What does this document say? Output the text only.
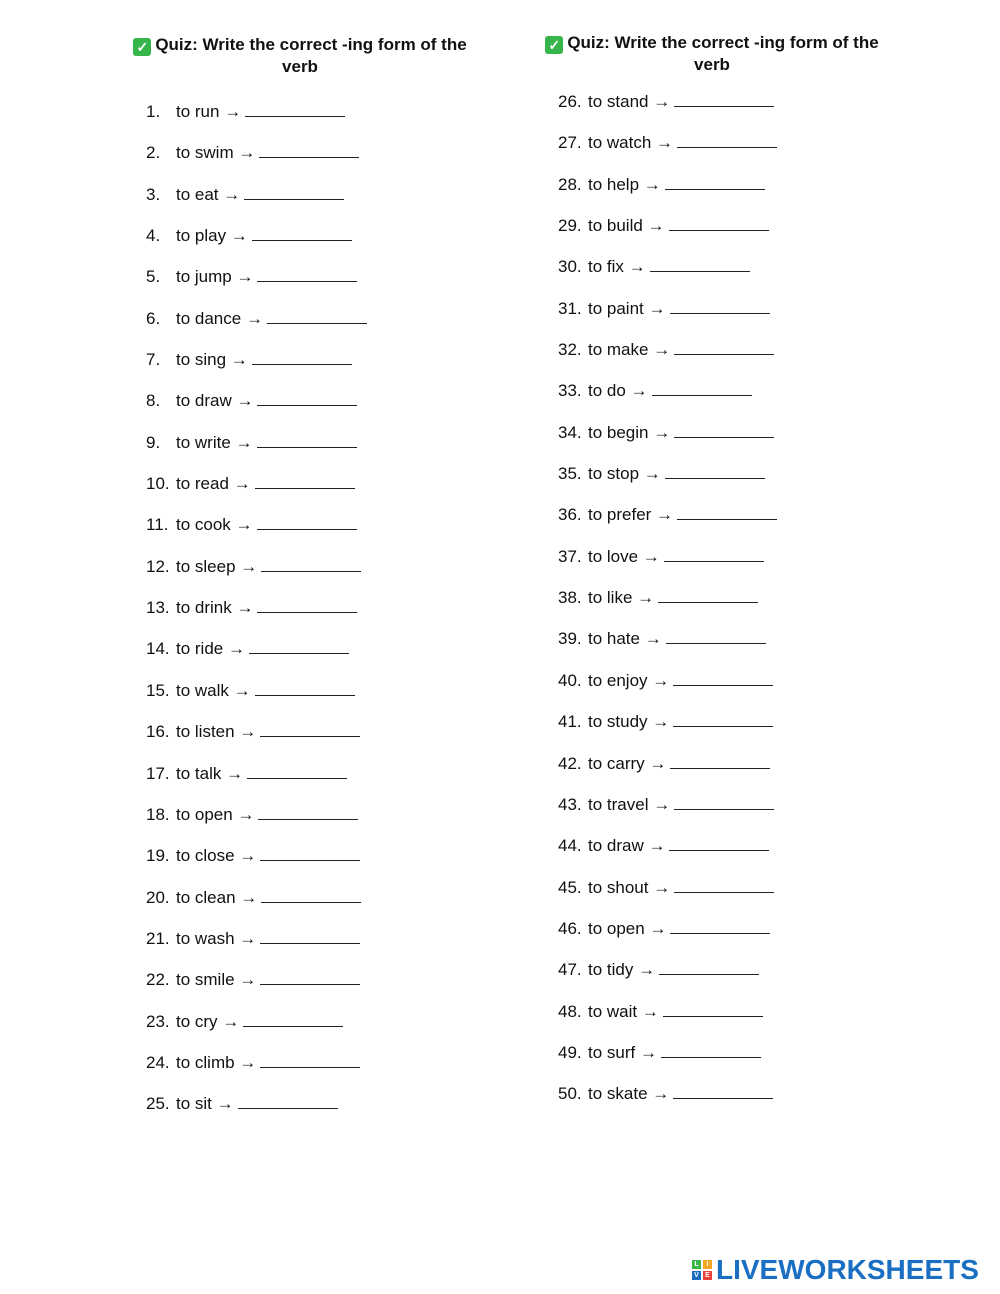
✓ Quiz: Write the correct -ing form of the verb
1. to run →
2. to swim →
3. to eat →
4. to play →
5. to jump →
6. to dance →
7. to sing →
8. to draw →
9. to write →
10. to read →
11. to cook →
12. to sleep →
13. to drink →
14. to ride →
15. to walk →
16. to listen →
17. to talk →
18. to open →
19. to close →
20. to clean →
21. to wash →
22. to smile →
23. to cry →
24. to climb →
25. to sit →
✓ Quiz: Write the correct -ing form of the verb
26. to stand →
27. to watch →
28. to help →
29. to build →
30. to fix →
31. to paint →
32. to make →
33. to do →
34. to begin →
35. to stop →
36. to prefer →
37. to love →
38. to like →
39. to hate →
40. to enjoy →
41. to study →
42. to carry →
43. to travel →
44. to draw →
45. to shout →
46. to open →
47. to tidy →
48. to wait →
49. to surf →
50. to skate →
L	I
V E LIVEWORKSHEETS
